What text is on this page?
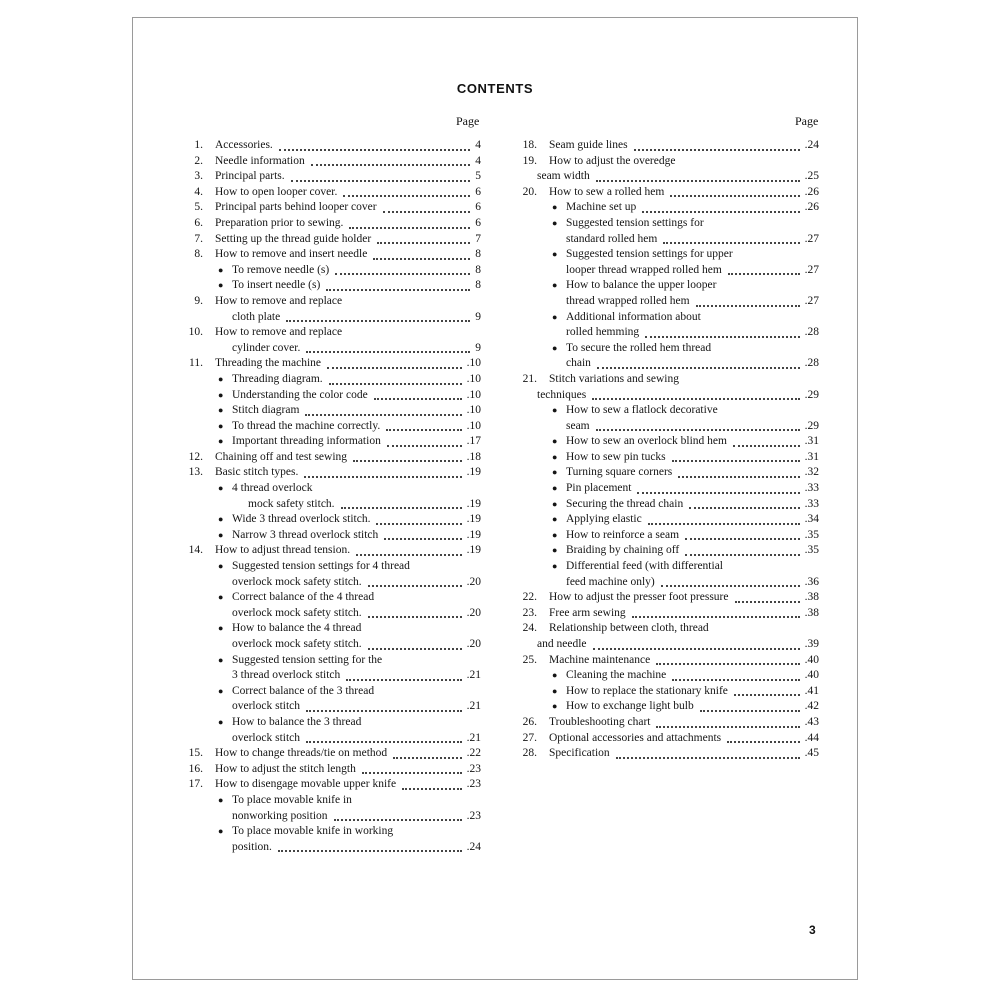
CONTENTS
Page	Page
1. Accessories.	4
2. Needle information	4
3. Principal parts.	5
4. How to open looper cover.	6
5. Principal parts behind looper cover	6
6. Preparation prior to sewing.	6
7. Setting up the thread guide holder	7
8. How to remove and insert needle	8
● To remove needle (s)	8
● To insert needle (s)	8
9. How to remove and replace
cloth plate	9
10. How to remove and replace
cylinder cover.	9
11. Threading the machine	.10
● Threading diagram.	.10
● Understanding the color code	.10
● Stitch diagram	.10
● To thread the machine correctly.	.10
● Important threading information	.17
12. Chaining off and test sewing	.18
13. Basic stitch types.	.19
● 4 thread overlock
mock safety stitch.	.19
● Wide 3 thread overlock stitch.	.19
● Narrow 3 thread overlock stitch	.19
14. How to adjust thread tension.	.19
● Suggested tension settings for 4 thread
overlock mock safety stitch.	.20
● Correct balance of the 4 thread
overlock mock safety stitch.	.20
● How to balance the 4 thread
overlock mock safety stitch.	.20
● Suggested tension setting for the
3 thread overlock stitch	.21
● Correct balance of the 3 thread
overlock stitch	.21
● How to balance the 3 thread
overlock stitch	.21
15. How to change threads/tie on method	.22
16. How to adjust the stitch length	.23
17. How to disengage movable upper knife	.23
● To place movable knife in
nonworking position	.23
● To place movable knife in working
position.	.24
18. Seam guide lines	.24
19. How to adjust the overedge
seam width	.25
20. How to sew a rolled hem	.26
● Machine set up	.26
● Suggested tension settings for
standard rolled hem	.27
● Suggested tension settings for upper
looper thread wrapped rolled hem	.27
● How to balance the upper looper
thread wrapped rolled hem	.27
● Additional information about
rolled hemming	.28
● To secure the rolled hem thread
chain	.28
21. Stitch variations and sewing
techniques	.29
● How to sew a flatlock decorative
seam	.29
● How to sew an overlock blind hem	.31
● How to sew pin tucks	.31
● Turning square corners	.32
● Pin placement	.33
● Securing the thread chain	.33
● Applying elastic	.34
● How to reinforce a seam	.35
● Braiding by chaining off	.35
● Differential feed (with differential
feed machine only)	.36
22. How to adjust the presser foot pressure	.38
23. Free arm sewing	.38
24. Relationship between cloth, thread
and needle	.39
25. Machine maintenance	.40
● Cleaning the machine	.40
● How to replace the stationary knife	.41
● How to exchange light bulb	.42
26. Troubleshooting chart	.43
27. Optional accessories and attachments	.44
28. Specification	.45
3
